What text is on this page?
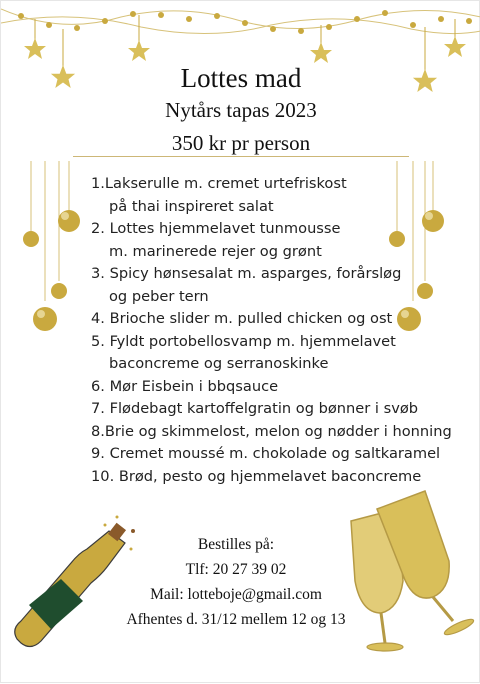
Lottes mad
Nytårs tapas 2023
350 kr pr person
1.Lakserulle m. cremet urtefriskost
på thai inspireret salat
2. Lottes hjemmelavet tunmousse
m. marinerede rejer og grønt
3. Spicy hønsesalat m. asparges, forårsløg
og peber tern
4. Brioche slider m. pulled chicken og ost
5. Fyldt portobellosvamp m. hjemmelavet
baconcreme og serranoskinke
6. Mør Eisbein i bbqsauce
7. Flødebagt kartoffelgratin og bønner i svøb
8.Brie og skimmelost, melon og nødder i honning
9. Cremet moussé m. chokolade og saltkaramel
10. Brød, pesto og hjemmelavet baconcreme
Bestilles på:
Tlf: 20 27 39 02
Mail: lotteboje@gmail.com
Afhentes d. 31/12 mellem 12 og 13
